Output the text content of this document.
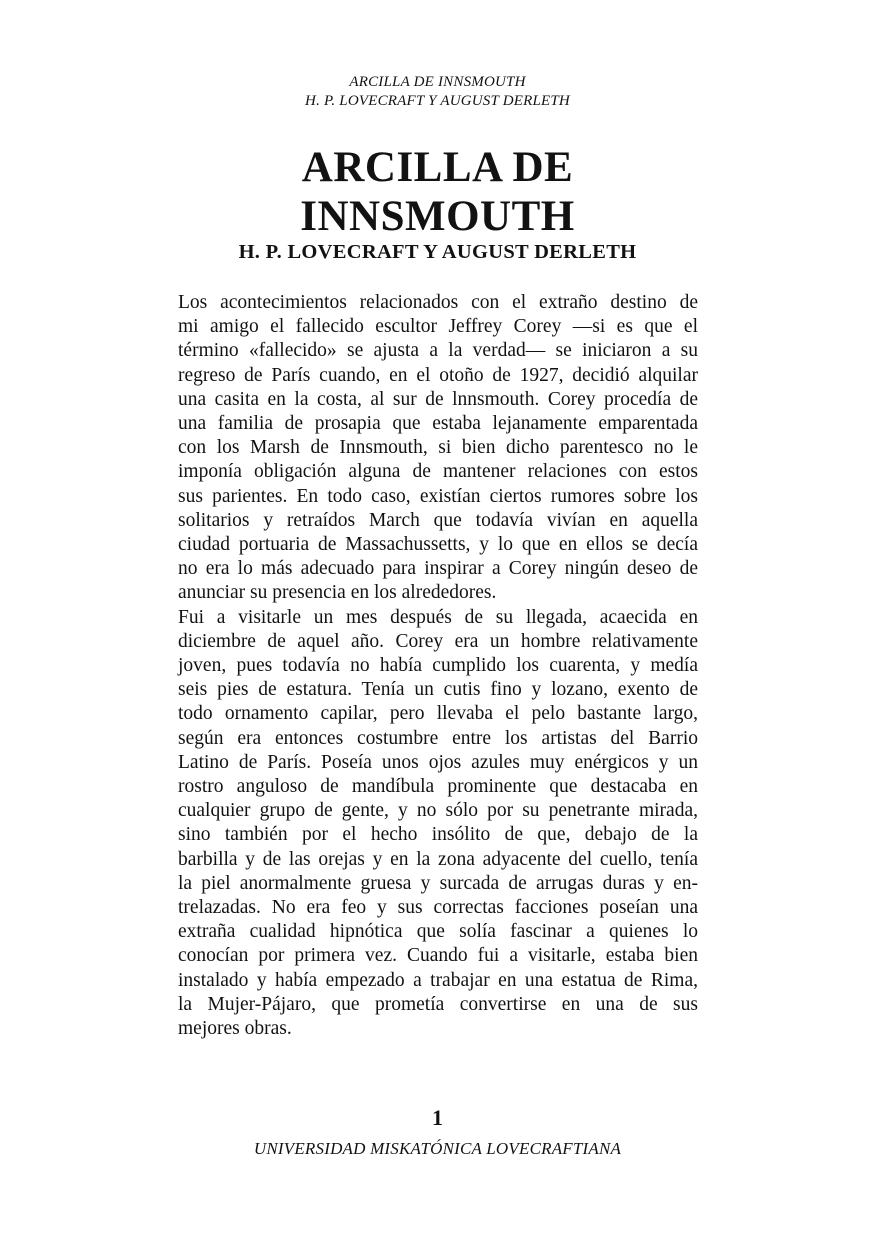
ARCILLA DE INNSMOUTH
H. P. LOVECRAFT Y AUGUST DERLETH
ARCILLA DE
INNSMOUTH
H. P. LOVECRAFT Y AUGUST DERLETH
Los acontecimientos relacionados con el extraño destino de
mi amigo el fallecido escultor Jeffrey Corey —si es que el
término «fallecido» se ajusta a la verdad— se iniciaron a su
regreso de París cuando, en el otoño de 1927, decidió alquilar
una casita en la costa, al sur de lnnsmouth. Corey procedía de
una familia de prosapia que estaba lejanamente emparentada
con los Marsh de Innsmouth, si bien dicho parentesco no le
imponía obligación alguna de mantener relaciones con estos
sus parientes. En todo caso, existían ciertos rumores sobre los
solitarios y retraídos March que todavía vivían en aquella
ciudad portuaria de Massachussetts, y lo que en ellos se decía
no era lo más adecuado para inspirar a Corey ningún deseo de
anunciar su presencia en los alrededores.
Fui a visitarle un mes después de su llegada, acaecida en
diciembre de aquel año. Corey era un hombre relativamente
joven, pues todavía no había cumplido los cuarenta, y medía
seis pies de estatura. Tenía un cutis fino y lozano, exento de
todo ornamento capilar, pero llevaba el pelo bastante largo,
según era entonces costumbre entre los artistas del Barrio
Latino de París. Poseía unos ojos azules muy enérgicos y un
rostro anguloso de mandíbula prominente que destacaba en
cualquier grupo de gente, y no sólo por su penetrante mirada,
sino también por el hecho insólito de que, debajo de la
barbilla y de las orejas y en la zona adyacente del cuello, tenía
la piel anormalmente gruesa y surcada de arrugas duras y en-
trelazadas. No era feo y sus correctas facciones poseían una
extraña cualidad hipnótica que solía fascinar a quienes lo
conocían por primera vez. Cuando fui a visitarle, estaba bien
instalado y había empezado a trabajar en una estatua de Rima,
la Mujer-Pájaro, que prometía convertirse en una de sus
mejores obras.
1
UNIVERSIDAD MISKATÓNICA LOVECRAFTIANA
